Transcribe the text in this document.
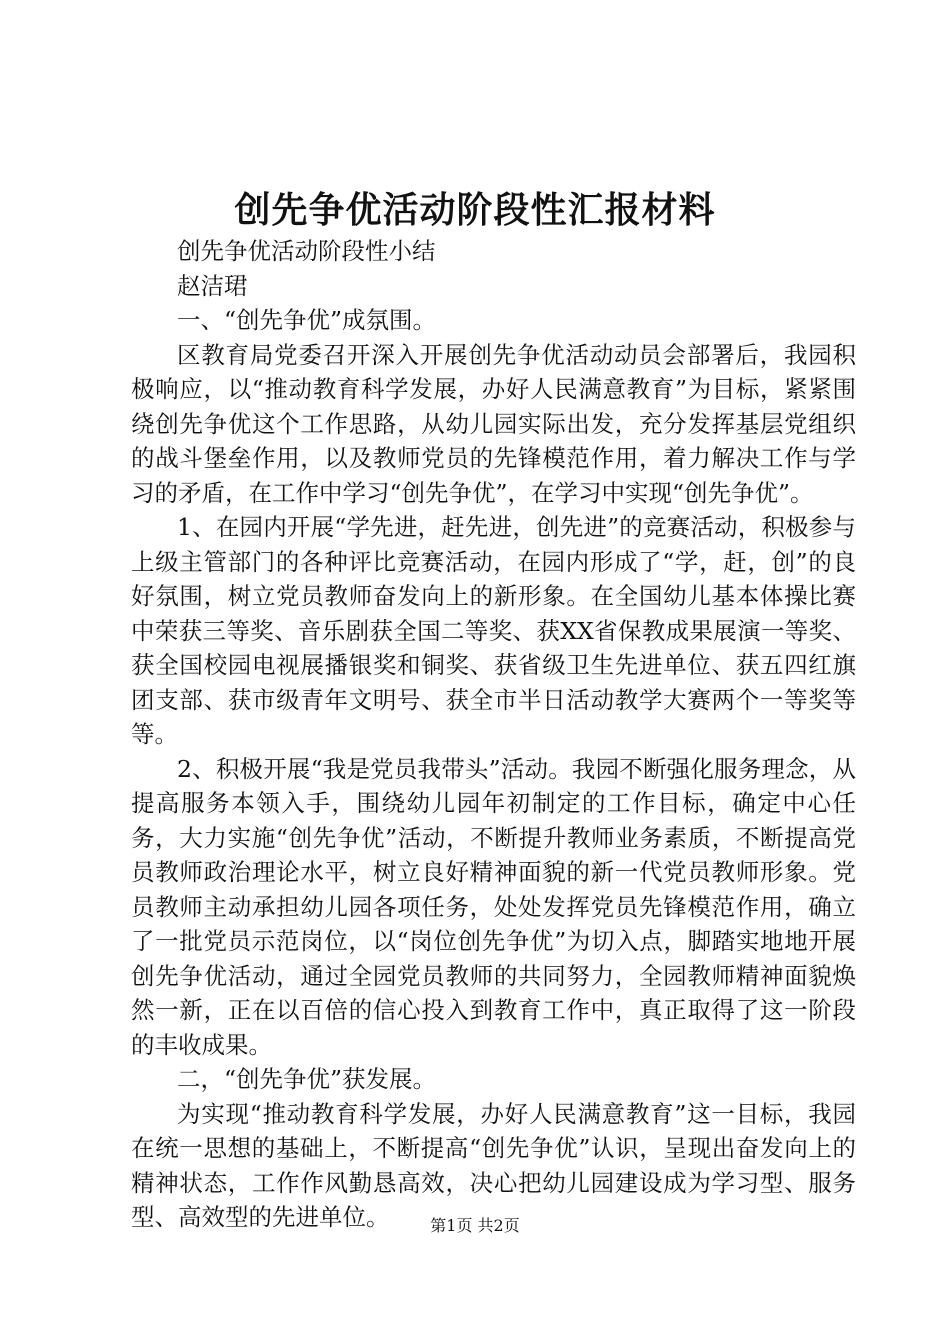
创先争优活动阶段性汇报材料

创先争优活动阶段性小结

赵洁珺

一、“创先争优”成氛围。

区教育局党委召开深入开展创先争优活动动员会部署后，我园积极响应，以“推动教育科学发展，办好人民满意教育”为目标，紧紧围绕创先争优这个工作思路，从幼儿园实际出发，充分发挥基层党组织的战斗堡垒作用，以及教师党员的先锋模范作用，着力解决工作与学习的矛盾，在工作中学习“创先争优”，在学习中实现“创先争优”。

1、在园内开展“学先进，赶先进，创先进”的竞赛活动，积极参与上级主管部门的各种评比竞赛活动，在园内形成了“学，赶，创”的良好氛围，树立党员教师奋发向上的新形象。在全国幼儿基本体操比赛中荣获三等奖、音乐剧获全国二等奖、获XX省保教成果展演一等奖、获全国校园电视展播银奖和铜奖、获省级卫生先进单位、获五四红旗团支部、获市级青年文明号、获全市半日活动教学大赛两个一等奖等等。

2、积极开展“我是党员我带头”活动。我园不断强化服务理念，从提高服务本领入手，围绕幼儿园年初制定的工作目标，确定中心任务，大力实施“创先争优”活动，不断提升教师业务素质，不断提高党员教师政治理论水平，树立良好精神面貌的新一代党员教师形象。党员教师主动承担幼儿园各项任务，处处发挥党员先锋模范作用，确立了一批党员示范岗位，以“岗位创先争优”为切入点，脚踏实地地开展创先争优活动，通过全园党员教师的共同努力，全园教师精神面貌焕然一新，正在以百倍的信心投入到教育工作中，真正取得了这一阶段的丰收成果。

二，“创先争优”获发展。

为实现“推动教育科学发展，办好人民满意教育”这一目标，我园在统一思想的基础上，不断提高“创先争优”认识，呈现出奋发向上的精神状态，工作作风勤恳高效，决心把幼儿园建设成为学习型、服务型、高效型的先进单位。	第1页 共2页
